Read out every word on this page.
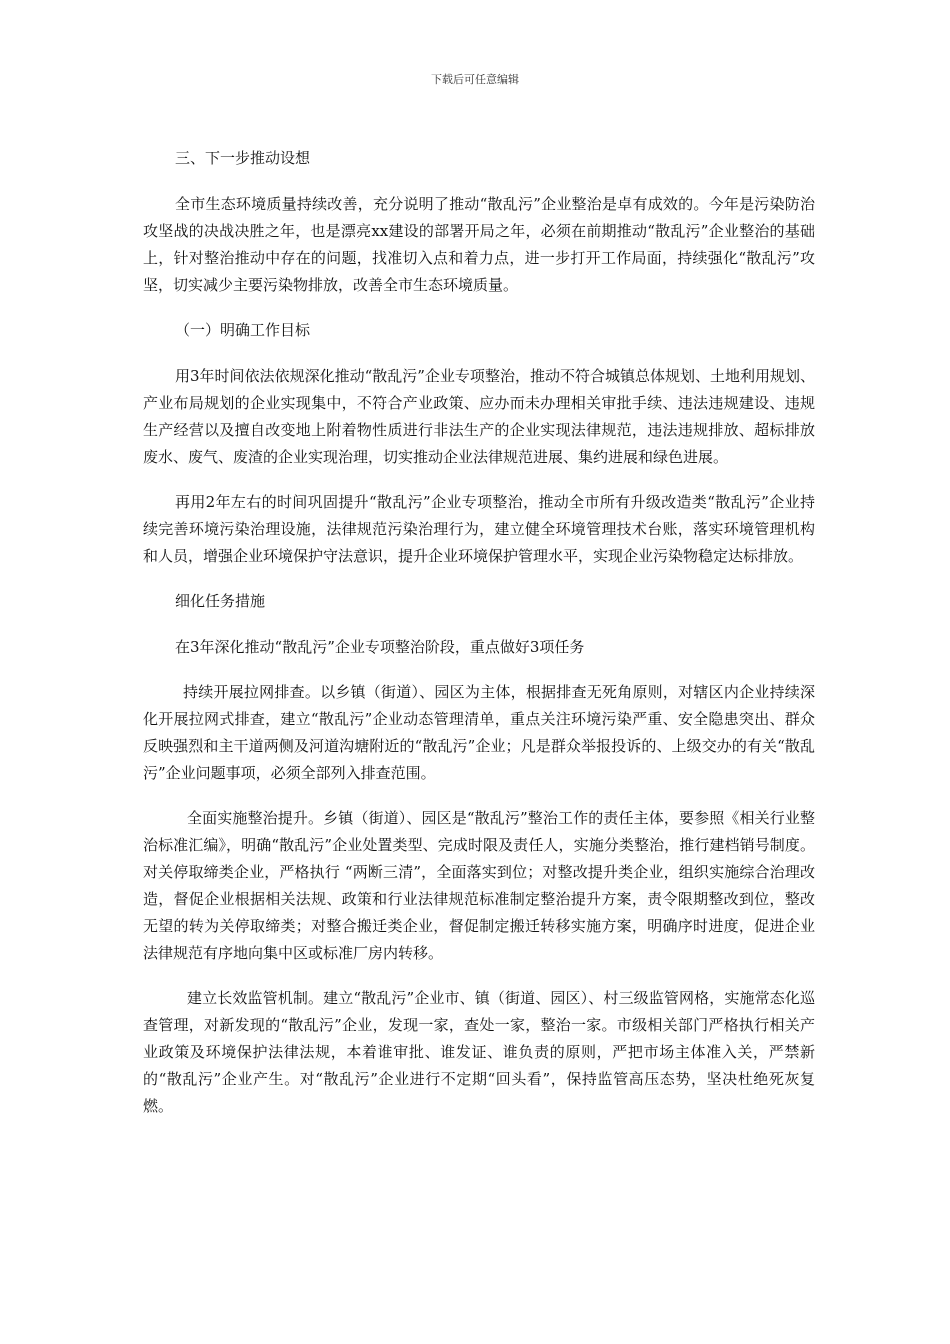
下载后可任意编辑

三、下一步推动设想

全市生态环境质量持续改善，充分说明了推动“散乱污”企业整治是卓有成效的。今年是污染防治攻坚战的决战决胜之年，也是漂亮xx建设的部署开局之年，必须在前期推动“散乱污”企业整治的基础上，针对整治推动中存在的问题，找准切入点和着力点，进一步打开工作局面，持续强化“散乱污”攻坚，切实减少主要污染物排放，改善全市生态环境质量。

（一）明确工作目标

用3年时间依法依规深化推动“散乱污”企业专项整治，推动不符合城镇总体规划、土地利用规划、产业布局规划的企业实现集中，不符合产业政策、应办而未办理相关审批手续、违法违规建设、违规生产经营以及擅自改变地上附着物性质进行非法生产的企业实现法律规范，违法违规排放、超标排放废水、废气、废渣的企业实现治理，切实推动企业法律规范进展、集约进展和绿色进展。

再用2年左右的时间巩固提升“散乱污”企业专项整治，推动全市所有升级改造类“散乱污”企业持续完善环境污染治理设施，法律规范污染治理行为，建立健全环境管理技术台账，落实环境管理机构和人员，增强企业环境保护守法意识，提升企业环境保护管理水平，实现企业污染物稳定达标排放。

细化任务措施

在3年深化推动“散乱污”企业专项整治阶段，重点做好3项任务

持续开展拉网排查。以乡镇（街道）、园区为主体，根据排查无死角原则，对辖区内企业持续深化开展拉网式排查，建立“散乱污”企业动态管理清单，重点关注环境污染严重、安全隐患突出、群众反映强烈和主干道两侧及河道沟塘附近的“散乱污”企业；凡是群众举报投诉的、上级交办的有关“散乱污”企业问题事项，必须全部列入排查范围。

全面实施整治提升。乡镇（街道）、园区是“散乱污”整治工作的责任主体，要参照《相关行业整治标准汇编》，明确“散乱污”企业处置类型、完成时限及责任人，实施分类整治，推行建档销号制度。对关停取缔类企业，严格执行 “两断三清”，全面落实到位；对整改提升类企业，组织实施综合治理改造，督促企业根据相关法规、政策和行业法律规范标准制定整治提升方案，责令限期整改到位，整改无望的转为关停取缔类；对整合搬迁类企业，督促制定搬迁转移实施方案，明确序时进度，促进企业法律规范有序地向集中区或标准厂房内转移。

建立长效监管机制。建立“散乱污”企业市、镇（街道、园区）、村三级监管网格，实施常态化巡查管理，对新发现的“散乱污”企业，发现一家，查处一家，整治一家。市级相关部门严格执行相关产业政策及环境保护法律法规，本着谁审批、谁发证、谁负责的原则，严把市场主体准入关，严禁新的“散乱污”企业产生。对“散乱污”企业进行不定期“回头看”，保持监管高压态势，坚决杜绝死灰复燃。
